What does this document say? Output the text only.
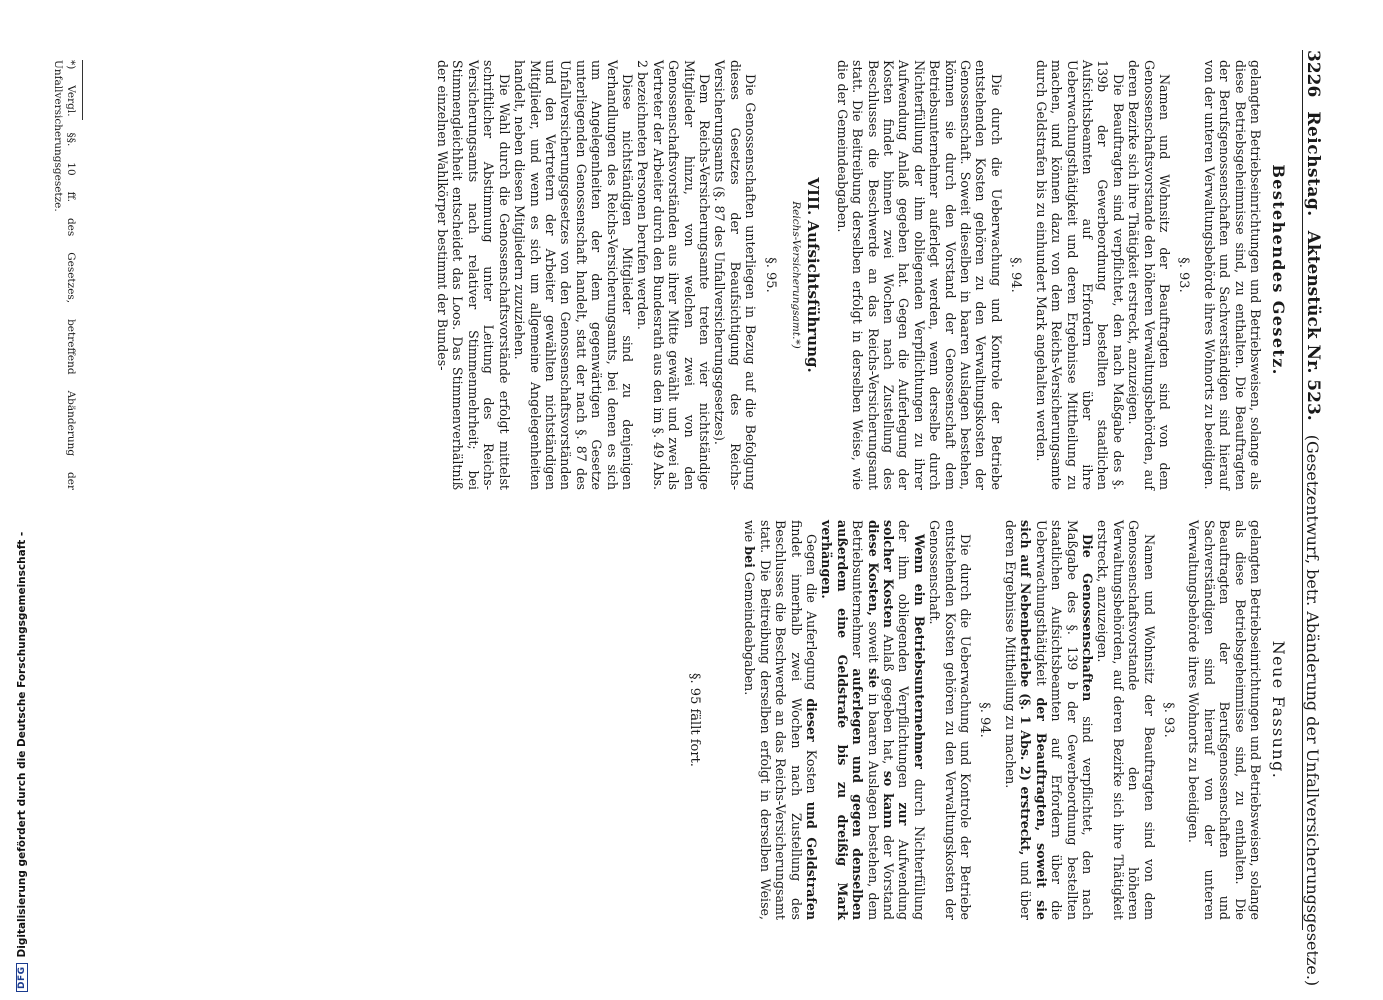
3226
Reichstag.
Aktenstück Nr. 523.
(Gesetzentwurf, betr. Abänderung der Unfallversicherungsgesetze.)
Bestehendes Gesetz.
Neue Fassung.

gelangten Betriebseinrichtungen und Betriebsweisen, solange als diese Betriebsgeheimnisse sind, zu enthalten. Die Beauftragten der Berufsgenossenschaften und Sachverständigen sind hierauf von der unteren Verwaltungsbehörde ihres Wohnorts zu beeidigen.

§. 93.

Namen und Wohnsitz der Beauftragten sind von dem Genossenschaftsvorstande den höheren Verwaltungsbehörden, auf deren Bezirke sich ihre Thätigkeit erstreckt, anzuzeigen.

Die Beauftragten sind verpflichtet, den nach Maßgabe des §. 139b der Gewerbeordnung bestellten staatlichen Aufsichtsbeamten auf Erfordern über ihre Ueberwachungsthätigkeit und deren Ergebnisse Mittheilung zu machen, und können dazu von dem Reichs-Versicherungsamte durch Geldstrafen bis zu einhundert Mark angehalten werden.

§. 94.

Die durch die Ueberwachung und Kontrole der Betriebe entstehenden Kosten gehören zu den Verwaltungskosten der Genossenschaft. Soweit dieselben in baaren Auslagen bestehen, können sie durch den Vorstand der Genossenschaft dem Betriebsunternehmer auferlegt werden, wenn derselbe durch Nichterfüllung der ihm obliegenden Verpflichtungen zu ihrer Aufwendung Anlaß gegeben hat. Gegen die Auferlegung der Kosten findet binnen zwei Wochen nach Zustellung des Beschlusses die Beschwerde an das Reichs-Versicherungsamt statt. Die Beitreibung derselben erfolgt in derselben Weise, wie die der Gemeindeabgaben.

VIII. Aufsichtsführung.
Reichs-Versicherungsamt.*)
§. 95.

Die Genossenschaften unterliegen in Bezug auf die Befolgung dieses Gesetzes der Beaufsichtigung des Reichs-Versicherungsamts (§. 87 des Unfallversicherungsgesetzes).

Dem Reichs-Versicherungsamte treten vier nichtständige Mitglieder hinzu, von welchen zwei von den Genossenschaftsvorständen aus ihrer Mitte gewählt und zwei als Vertreter der Arbeiter durch den Bundesrath aus den im §. 49 Abs. 2 bezeichneten Personen berufen werden.

Diese nichtständigen Mitglieder sind zu denjenigen Verhandlungen des Reichs-Versicherungsamts, bei denen es sich um Angelegenheiten der dem gegenwärtigen Gesetze unterliegenden Genossenschaft handelt, statt der nach §. 87 des Unfallversicherungsgesetzes von den Genossenschaftsvorständen und den Vertretern der Arbeiter gewählten nichtständigen Mitglieder, und wenn es sich um allgemeine Angelegenheiten handelt, neben diesen Mitgliedern zuzuziehen.

Die Wahl durch die Genossenschaftsvorstände erfolgt mittelst schriftlicher Abstimmung unter Leitung des Reichs-Versicherungsamts nach relativer Stimmenmehrheit; bei Stimmengleichheit entscheidet das Loos. Das Stimmenverhältniß der einzelnen Wahlkörper bestimmt der Bundes-

*) Vergl. §§. 10 ff. des Gesetzes, betreffend Abänderung der Unfallversicherungsgesetze.

gelangten Betriebseinrichtungen und Betriebsweisen, solange als diese Betriebsgeheimnisse sind, zu enthalten. Die Beauftragten der Berufsgenossenschaften und Sachverständigen sind hierauf von der unteren Verwaltungsbehörde ihres Wohnorts zu beeidigen.

§. 93.

Namen und Wohnsitz der Beauftragten sind von dem Genossenschaftsvorstande den höheren Verwaltungsbehörden, auf deren Bezirke sich ihre Thätigkeit erstreckt, anzuzeigen.

Die Genossenschaften sind verpflichtet, den nach Maßgabe des §. 139 b der Gewerbeordnung bestellten staatlichen Aufsichtsbeamten auf Erfordern über die Ueberwachungsthätigkeit der Beauftragten, soweit sie sich auf Nebenbetriebe (§. 1 Abs. 2) erstreckt, und über deren Ergebnisse Mittheilung zu machen.

§. 94.

Die durch die Ueberwachung und Kontrole der Betriebe entstehenden Kosten gehören zu den Verwaltungskosten der Genossenschaft.

Wenn ein Betriebsunternehmer durch Nichterfüllung der ihm obliegenden Verpflichtungen zur Aufwendung solcher Kosten Anlaß gegeben hat, so kann der Vorstand diese Kosten, soweit sie in baaren Auslagen bestehen, dem Betriebsunternehmer auferlegen und gegen denselben außerdem eine Geldstrafe bis zu dreißig Mark verhängen.

Gegen die Auferlegung dieser Kosten und Geldstrafen findet innerhalb zwei Wochen nach Zustellung des Beschlusses die Beschwerde an das Reichs-Versicherungsamt statt. Die Beitreibung derselben erfolgt in derselben Weise, wie bei Gemeindeabgaben.

§. 95 fällt fort.
DFG
Digitalisierung gefördert durch die Deutsche Forschungsgemeinschaft -
